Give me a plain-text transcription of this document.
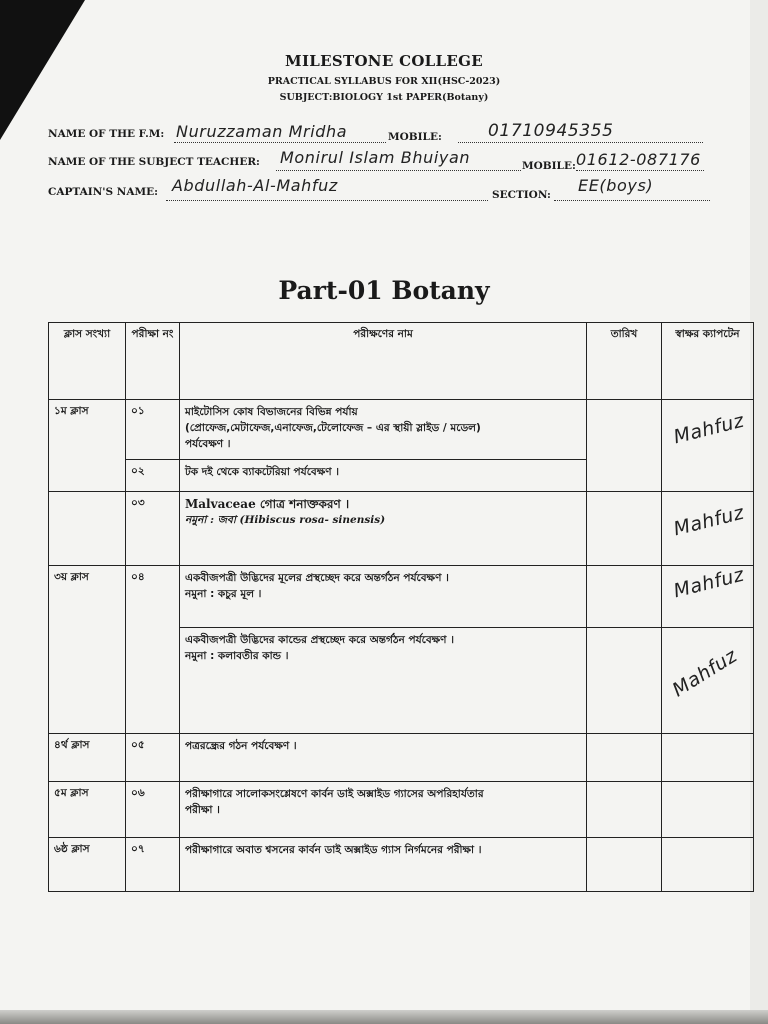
MILESTONE COLLEGE
PRACTICAL SYLLABUS FOR XII(HSC-2023)
SUBJECT:BIOLOGY 1st PAPER(Botany)
NAME OF THE F.M: Nuruzzaman Mridha	MOBILE:	01710945355
NAME OF THE SUBJECT TEACHER: Monirul Islam Bhuiyan	MOBILE: 01612-087176
CAPTAIN'S NAME: Abdullah-Al-Mahfuz	SECTION: EE(boys)
Part-01 Botany
ক্লাস সংখ্যা	পরীক্ষা নং	পরীক্ষণের নাম	তারিখ	স্বাক্ষর ক্যাপটেন
১ম ক্লাস	০১	মাইটোসিস কোষ বিভাজনের বিভিন্ন পর্যায়
(প্রোফেজ,মেটাফেজ,এনাফেজ,টেলোফেজ – এর স্থায়ী স্লাইড / মডেল)
পর্যবেক্ষণ ।		Mahfuz
	০২	টক দই থেকে ব্যাকটেরিয়া পর্যবেক্ষণ ।		

	০৩	Malvaceae গোত্র শনাক্তকরণ ।
নমুনা : জবা (Hibiscus rosa- sinensis)		Mahfuz
৩য় ক্লাস	০৪	একবীজপত্রী উদ্ভিদের মূলের প্রস্থচ্ছেদ করে অন্তর্গঠন পর্যবেক্ষণ ।
নমুনা : কচুর মূল ।		Mahfuz

		একবীজপত্রী উদ্ভিদের কান্ডের প্রস্থচ্ছেদ করে অন্তর্গঠন পর্যবেক্ষণ ।
নমুনা : কলাবতীর কান্ড ।		Mahfuz
৪র্থ ক্লাস	০৫	পত্ররন্ধ্রের গঠন পর্যবেক্ষণ ।		

৫ম ক্লাস	০৬	পরীক্ষাগারে সালোকসংশ্লেষণে কার্বন ডাই অক্সাইড গ্যাসের অপরিহার্যতার
পরীক্ষা ।		

৬ষ্ঠ ক্লাস	০৭	পরীক্ষাগারে অবাত শ্বসনের কার্বন ডাই অক্সাইড গ্যাস নির্গমনের পরীক্ষা ।		
